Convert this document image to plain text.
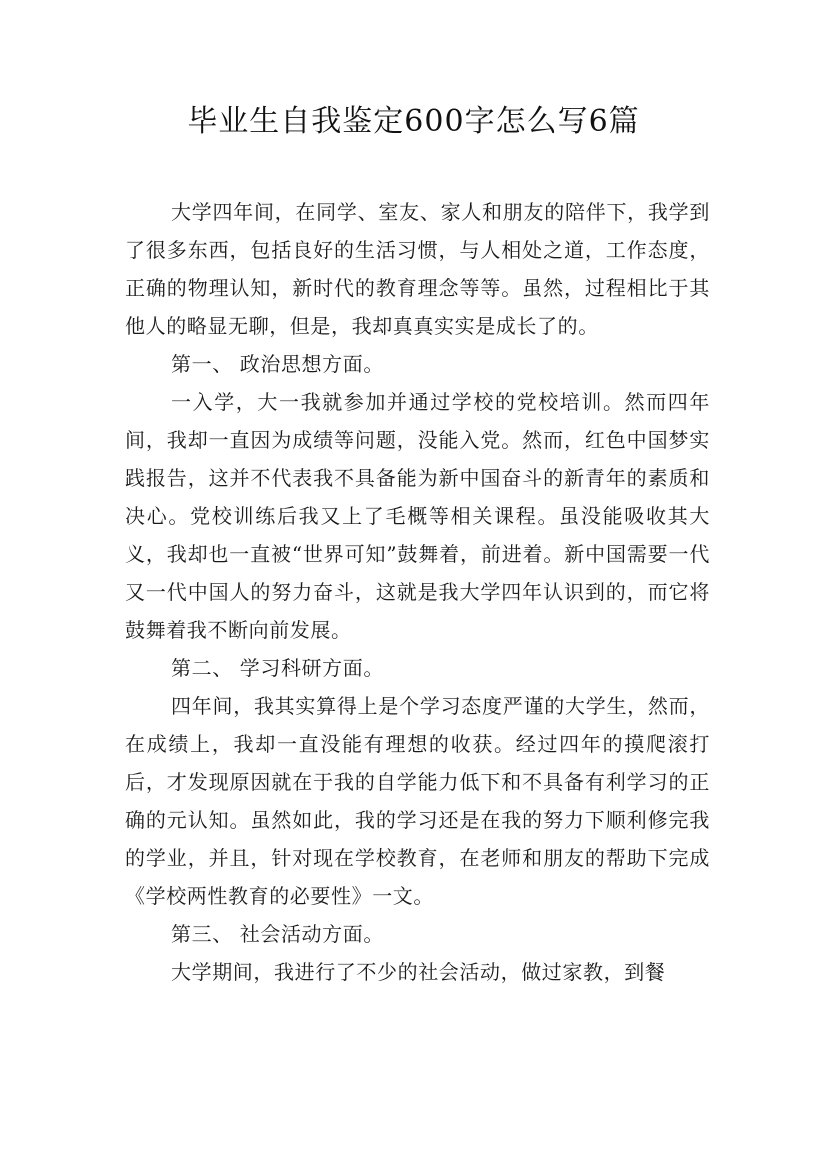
毕业生自我鉴定600字怎么写6篇

大学四年间，在同学、室友、家人和朋友的陪伴下，我学到了很多东西，包括良好的生活习惯，与人相处之道，工作态度，正确的物理认知，新时代的教育理念等等。虽然，过程相比于其他人的略显无聊，但是，我却真真实实是成长了的。

第一、 政治思想方面。

一入学，大一我就参加并通过学校的党校培训。然而四年间，我却一直因为成绩等问题，没能入党。然而，红色中国梦实践报告，这并不代表我不具备能为新中国奋斗的新青年的素质和决心。党校训练后我又上了毛概等相关课程。虽没能吸收其大义，我却也一直被“世界可知”鼓舞着，前进着。新中国需要一代又一代中国人的努力奋斗，这就是我大学四年认识到的，而它将鼓舞着我不断向前发展。

第二、 学习科研方面。

四年间，我其实算得上是个学习态度严谨的大学生，然而，在成绩上，我却一直没能有理想的收获。经过四年的摸爬滚打后，才发现原因就在于我的自学能力低下和不具备有利学习的正确的元认知。虽然如此，我的学习还是在我的努力下顺利修完我的学业，并且，针对现在学校教育，在老师和朋友的帮助下完成《学校两性教育的必要性》一文。

第三、 社会活动方面。

大学期间，我进行了不少的社会活动，做过家教，到餐
